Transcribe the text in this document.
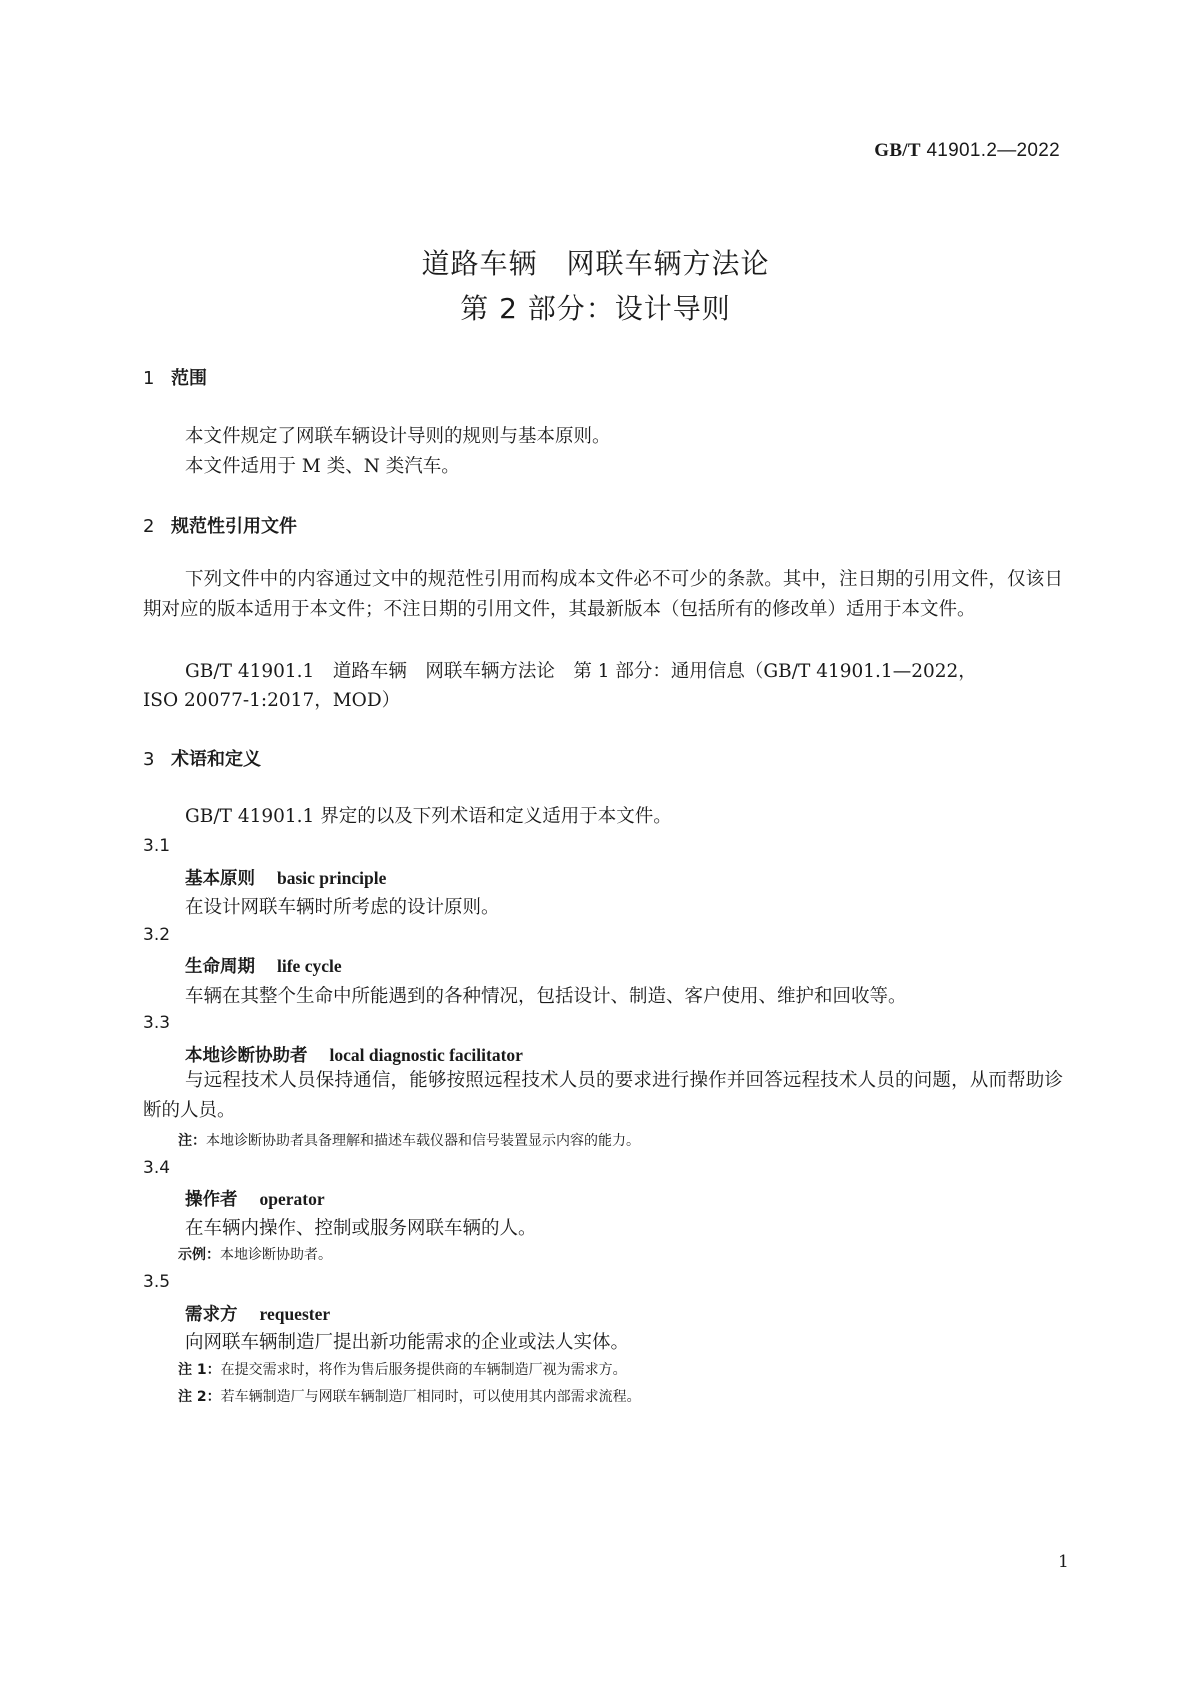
GB/T 41901.2—2022
道路车辆　网联车辆方法论
第 2 部分：设计导则
1 范围
本文件规定了网联车辆设计导则的规则与基本原则。
本文件适用于 M 类、N 类汽车。
2 规范性引用文件
下列文件中的内容通过文中的规范性引用而构成本文件必不可少的条款。其中，注日期的引用文件，仅该日期对应的版本适用于本文件；不注日期的引用文件，其最新版本（包括所有的修改单）适用于本文件。
GB/T 41901.1　道路车辆　网联车辆方法论　第 1 部分：通用信息（GB/T 41901.1—2022，
ISO 20077-1:2017，MOD）
3 术语和定义
GB/T 41901.1 界定的以及下列术语和定义适用于本文件。
3.1
基本原则 basic principle
在设计网联车辆时所考虑的设计原则。
3.2
生命周期 life cycle
车辆在其整个生命中所能遇到的各种情况，包括设计、制造、客户使用、维护和回收等。
3.3
本地诊断协助者 local diagnostic facilitator
与远程技术人员保持通信，能够按照远程技术人员的要求进行操作并回答远程技术人员的问题，从而帮助诊断的人员。
注：本地诊断协助者具备理解和描述车载仪器和信号装置显示内容的能力。
3.4
操作者 operator
在车辆内操作、控制或服务网联车辆的人。
示例：本地诊断协助者。
3.5
需求方 requester
向网联车辆制造厂提出新功能需求的企业或法人实体。
注 1：在提交需求时，将作为售后服务提供商的车辆制造厂视为需求方。
注 2：若车辆制造厂与网联车辆制造厂相同时，可以使用其内部需求流程。
1
